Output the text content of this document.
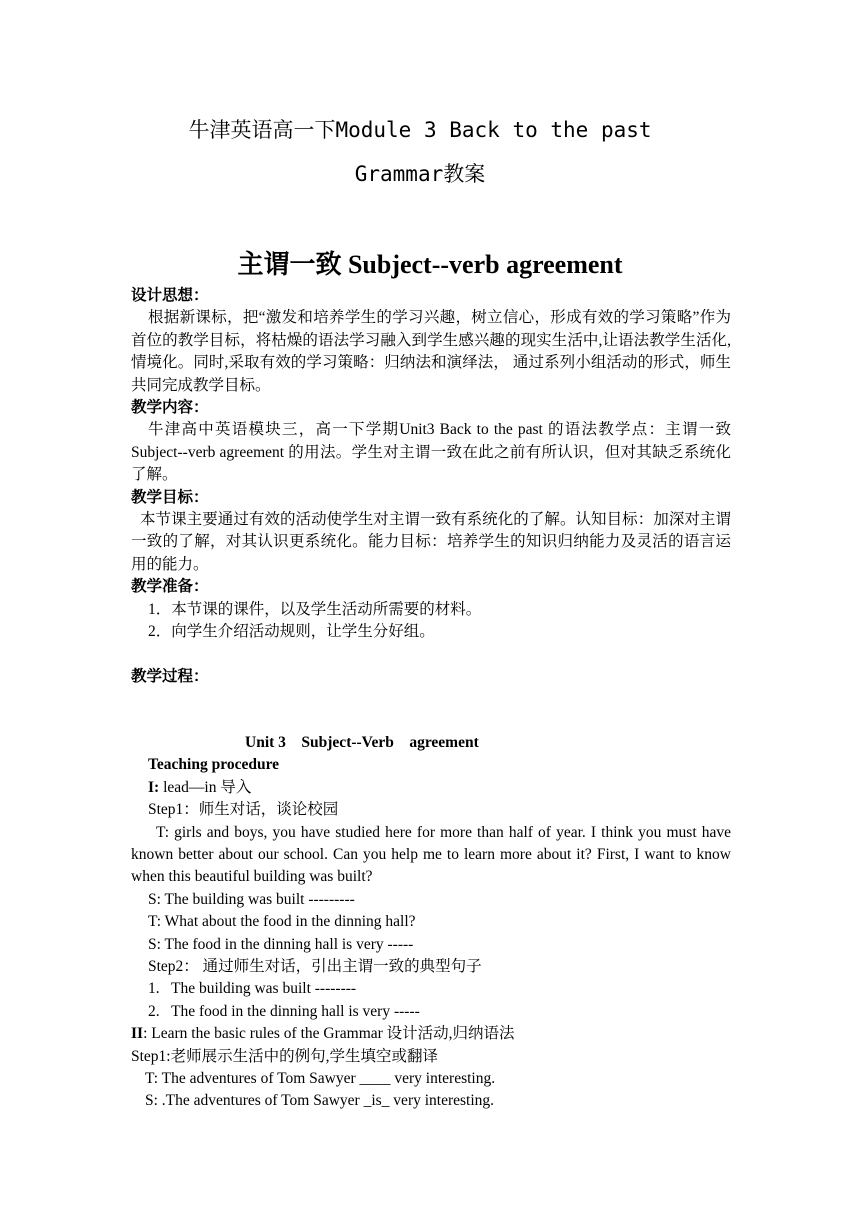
牛津英语高一下Module 3 Back to the past
Grammar教案
主谓一致 Subject--verb agreement

设计思想：

根据新课标，把“激发和培养学生的学习兴趣，树立信心，形成有效的学习策略”作为首位的教学目标，将枯燥的语法学习融入到学生感兴趣的现实生活中,让语法教学生活化,情境化。同时,采取有效的学习策略：归纳法和演绎法， 通过系列小组活动的形式，师生共同完成教学目标。

教学内容：

牛津高中英语模块三，高一下学期Unit3 Back to the past 的语法教学点：主谓一致 Subject--verb agreement 的用法。学生对主谓一致在此之前有所认识，但对其缺乏系统化了解。

教学目标：

本节课主要通过有效的活动使学生对主谓一致有系统化的了解。认知目标：加深对主谓一致的了解，对其认识更系统化。能力目标：培养学生的知识归纳能力及灵活的语言运用的能力。

教学准备：

1．本节课的课件，以及学生活动所需要的材料。

2．向学生介绍活动规则，让学生分好组。

教学过程：

Unit 3    Subject--Verb    agreement

Teaching procedure

I: lead—in 导入

Step1：师生对话，谈论校园

T: girls and boys, you have studied here for more than half of year. I think you must have known better about our school. Can you help me to learn more about it? First, I want to know when this beautiful building was built?

S: The building was built ---------

T: What about the food in the dinning hall?

S: The food in the dinning hall is very -----

Step2： 通过师生对话，引出主谓一致的典型句子

1.   The building was built --------

2.   The food in the dinning hall is very -----

II: Learn the basic rules of the Grammar 设计活动,归纳语法

Step1:老师展示生活中的例句,学生填空或翻译

T: The adventures of Tom Sawyer ____ very interesting.

S: .The adventures of Tom Sawyer _is_ very interesting.
